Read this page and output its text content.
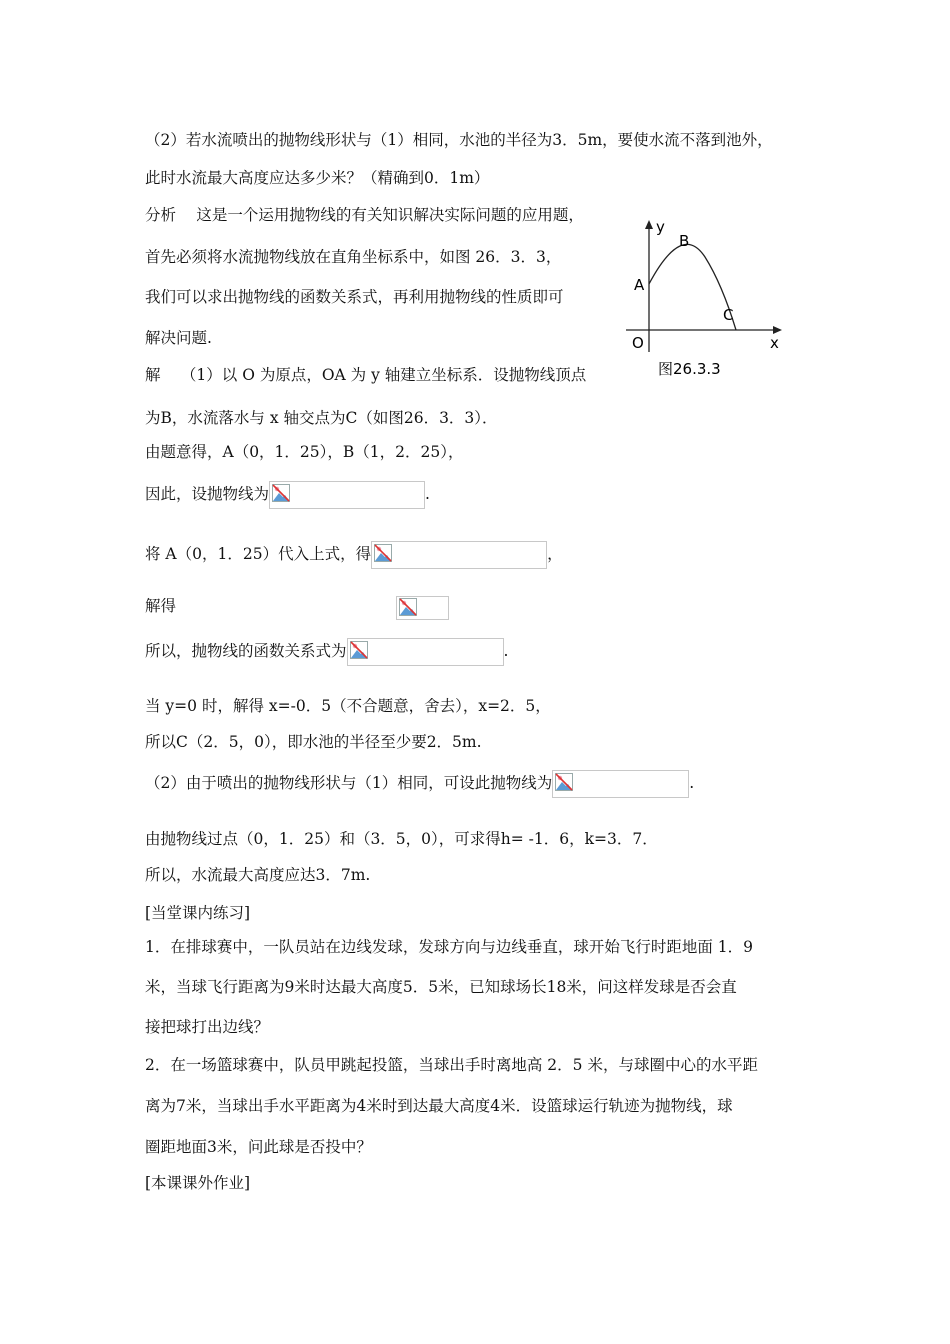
（2）若水流喷出的抛物线形状与（1）相同，水池的半径为3．5m，要使水流不落到池外，
此时水流最大高度应达多少米？（精确到0．1m）
分析　 这是一个运用抛物线的有关知识解决实际问题的应用题，
首先必须将水流抛物线放在直角坐标系中，如图 26．3．3，
我们可以求出抛物线的函数关系式，再利用抛物线的性质即可
解决问题.
y
x
O
A
B
C
图26.3.3
解　 （1）以 O 为原点，OA 为 y 轴建立坐标系．设抛物线顶点
为B，水流落水与 x 轴交点为C（如图26．3．3）．
由题意得，A（0，1．25），B（1，2．25），
因此，设抛物线为	.
将 A（0，1．25）代入上式，得	，
解得
所以，抛物线的函数关系式为	.
当 y=0 时，解得 x=-0．5（不合题意，舍去），x=2．5，
所以C（2．5，0），即水池的半径至少要2．5m.
（2）由于喷出的抛物线形状与（1）相同，可设此抛物线为	.
由抛物线过点（0，1．25）和（3．5，0），可求得h= -1．6，k=3．7．
所以，水流最大高度应达3．7m.
[当堂课内练习]
1．在排球赛中，一队员站在边线发球，发球方向与边线垂直，球开始飞行时距地面 1．9
米，当球飞行距离为9米时达最大高度5．5米，已知球场长18米，问这样发球是否会直
接把球打出边线？
2．在一场篮球赛中，队员甲跳起投篮，当球出手时离地高 2．5 米，与球圈中心的水平距
离为7米，当球出手水平距离为4米时到达最大高度4米．设篮球运行轨迹为抛物线，球
圈距地面3米，问此球是否投中？
[本课课外作业]
